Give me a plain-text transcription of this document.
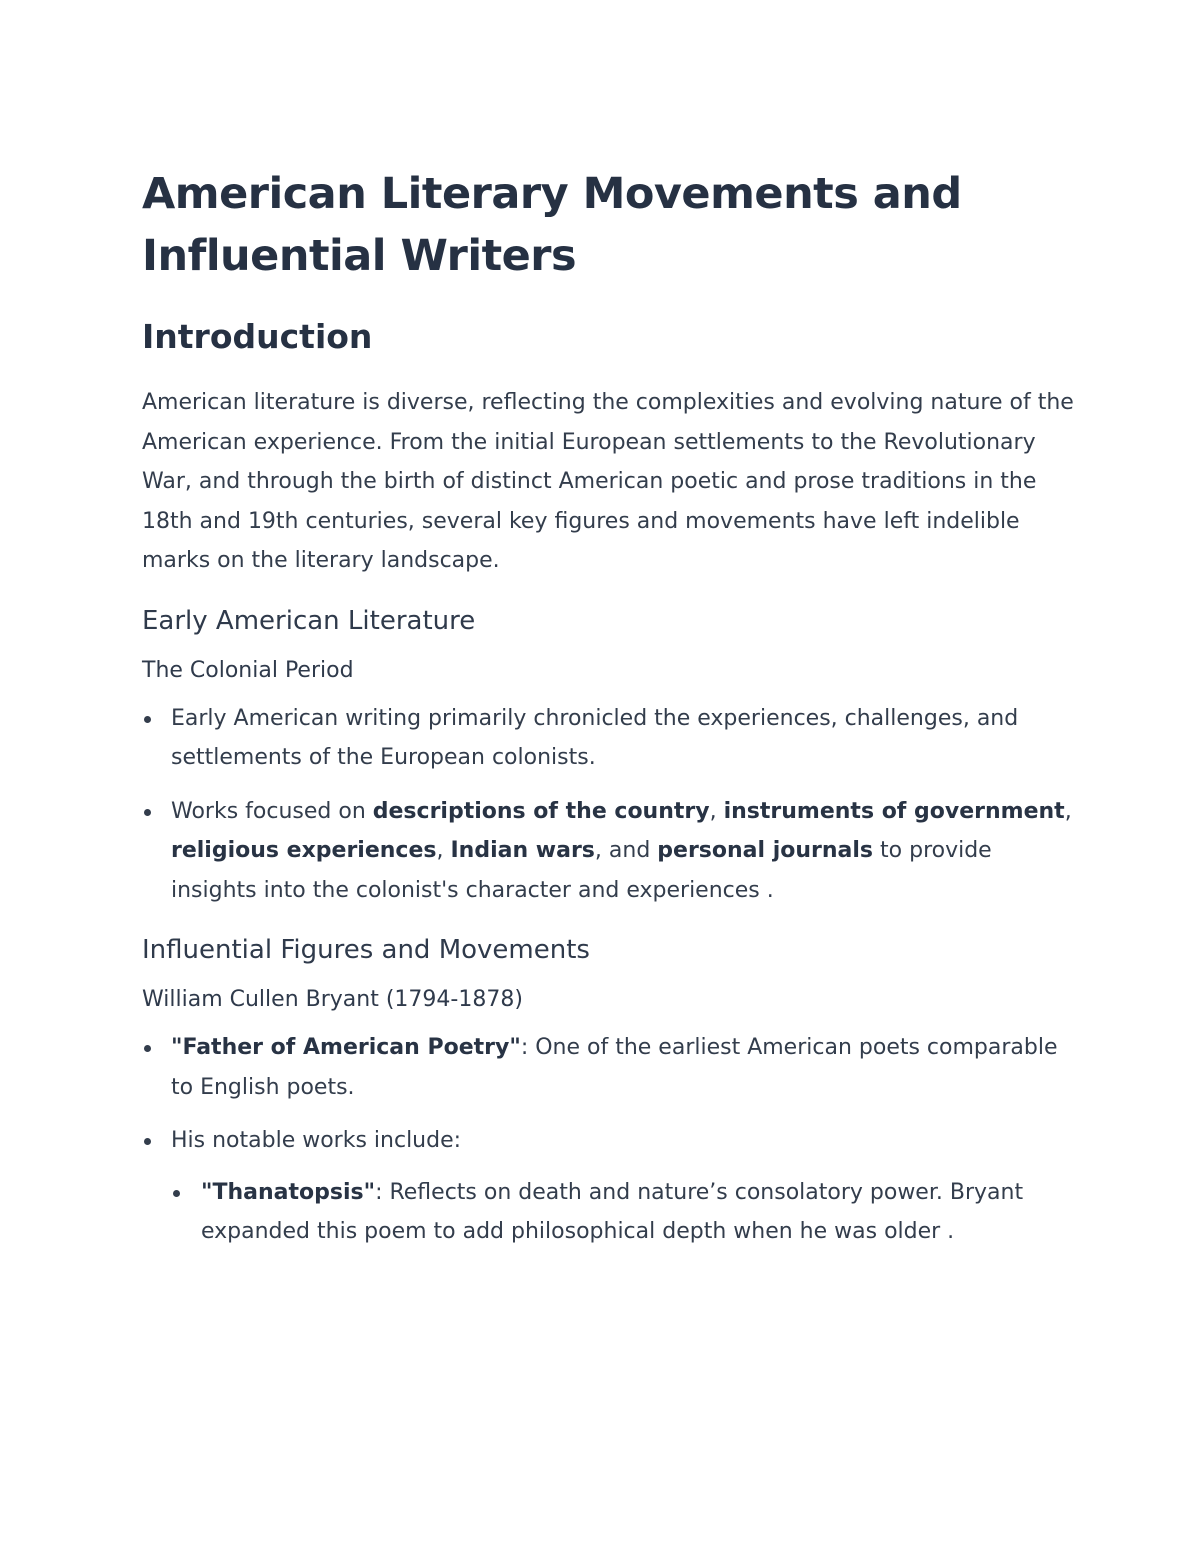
American Literary Movements and Influential Writers
Introduction

American literature is diverse, reflecting the complexities and evolving nature of the American experience. From the initial European settlements to the Revolutionary War, and through the birth of distinct American poetic and prose traditions in the 18th and 19th centuries, several key figures and movements have left indelible marks on the literary landscape.

Early American Literature
The Colonial Period
Early American writing primarily chronicled the experiences, challenges, and settlements of the European colonists.
Works focused on descriptions of the country, instruments of government, religious experiences, Indian wars, and personal journals to provide insights into the colonist's character and experiences .
Influential Figures and Movements
William Cullen Bryant (1794-1878)
"Father of American Poetry": One of the earliest American poets comparable to English poets.
His notable works include:
"Thanatopsis": Reflects on death and nature’s consolatory power. Bryant expanded this poem to add philosophical depth when he was older .
